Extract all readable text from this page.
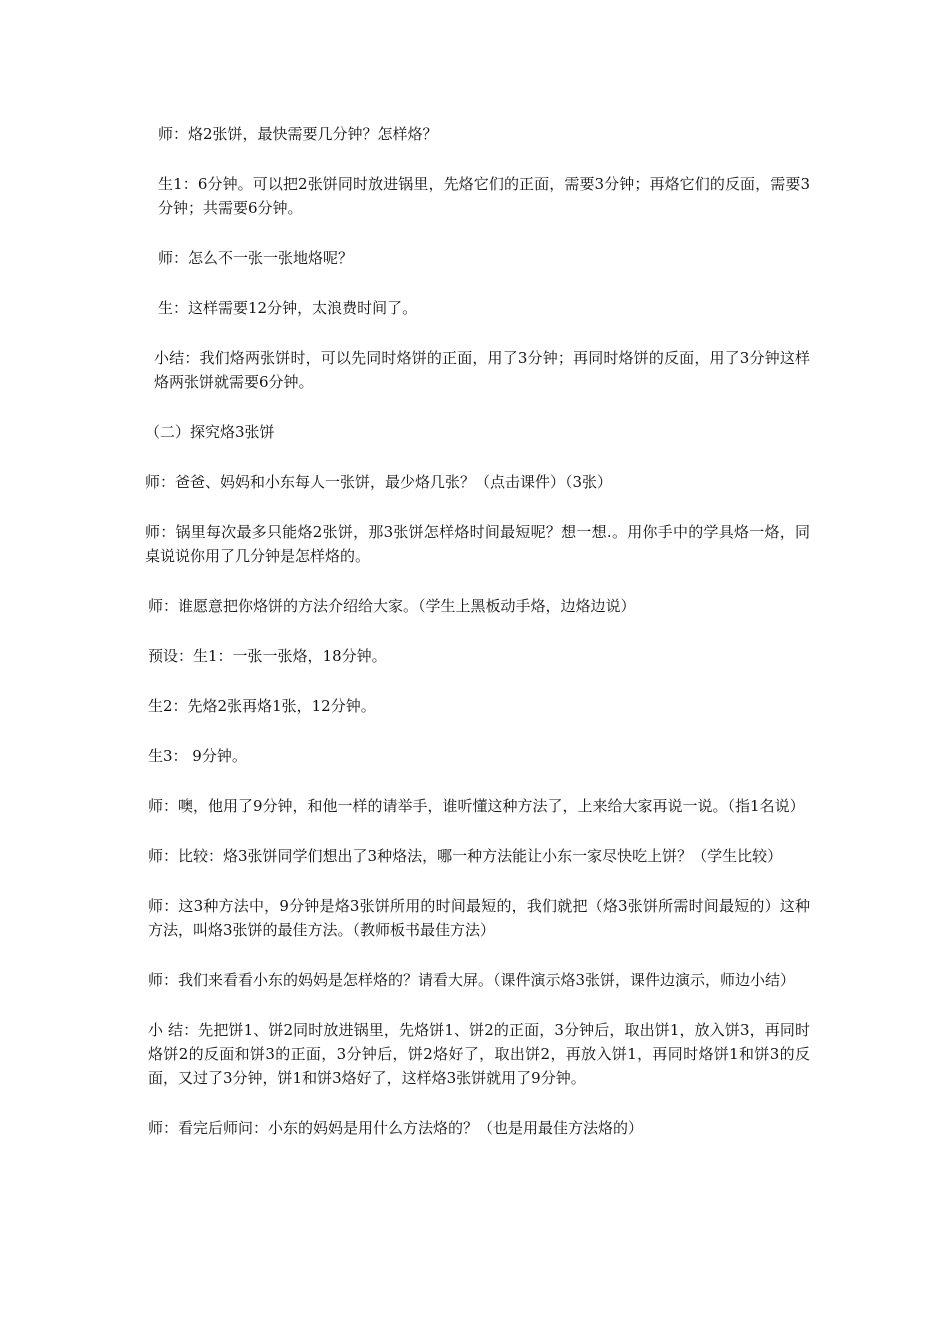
师：烙2张饼，最快需要几分钟？怎样烙？

生1：6分钟。可以把2张饼同时放进锅里，先烙它们的正面，需要3分钟；再烙它们的反面，需要3分钟；共需要6分钟。

师：怎么不一张一张地烙呢？

生：这样需要12分钟，太浪费时间了。

小结：我们烙两张饼时，可以先同时烙饼的正面，用了3分钟；再同时烙饼的反面，用了3分钟这样烙两张饼就需要6分钟。

（二）探究烙3张饼

师：爸爸、妈妈和小东每人一张饼，最少烙几张？（点击课件）（3张）

师：锅里每次最多只能烙2张饼，那3张饼怎样烙时间最短呢？想一想.。用你手中的学具烙一烙，同桌说说你用了几分钟是怎样烙的。

师：谁愿意把你烙饼的方法介绍给大家。（学生上黑板动手烙，边烙边说）

预设：生1：一张一张烙，18分钟。

生2：先烙2张再烙1张，12分钟。

生3： 9分钟。

师：噢，他用了9分钟，和他一样的请举手，谁听懂这种方法了，上来给大家再说一说。（指1名说）

师：比较：烙3张饼同学们想出了3种烙法，哪一种方法能让小东一家尽快吃上饼？（学生比较）

师：这3种方法中，9分钟是烙3张饼所用的时间最短的，我们就把（烙3张饼所需时间最短的）这种方法，叫烙3张饼的最佳方法。（教师板书最佳方法）

师：我们来看看小东的妈妈是怎样烙的？请看大屏。（课件演示烙3张饼，课件边演示，师边小结）

小 结：先把饼1、饼2同时放进锅里，先烙饼1、饼2的正面，3分钟后，取出饼1，放入饼3，再同时烙饼2的反面和饼3的正面，3分钟后，饼2烙好了，取出饼2，再放入饼1，再同时烙饼1和饼3的反面，又过了3分钟，饼1和饼3烙好了，这样烙3张饼就用了9分钟。

师：看完后师问：小东的妈妈是用什么方法烙的？（也是用最佳方法烙的）
